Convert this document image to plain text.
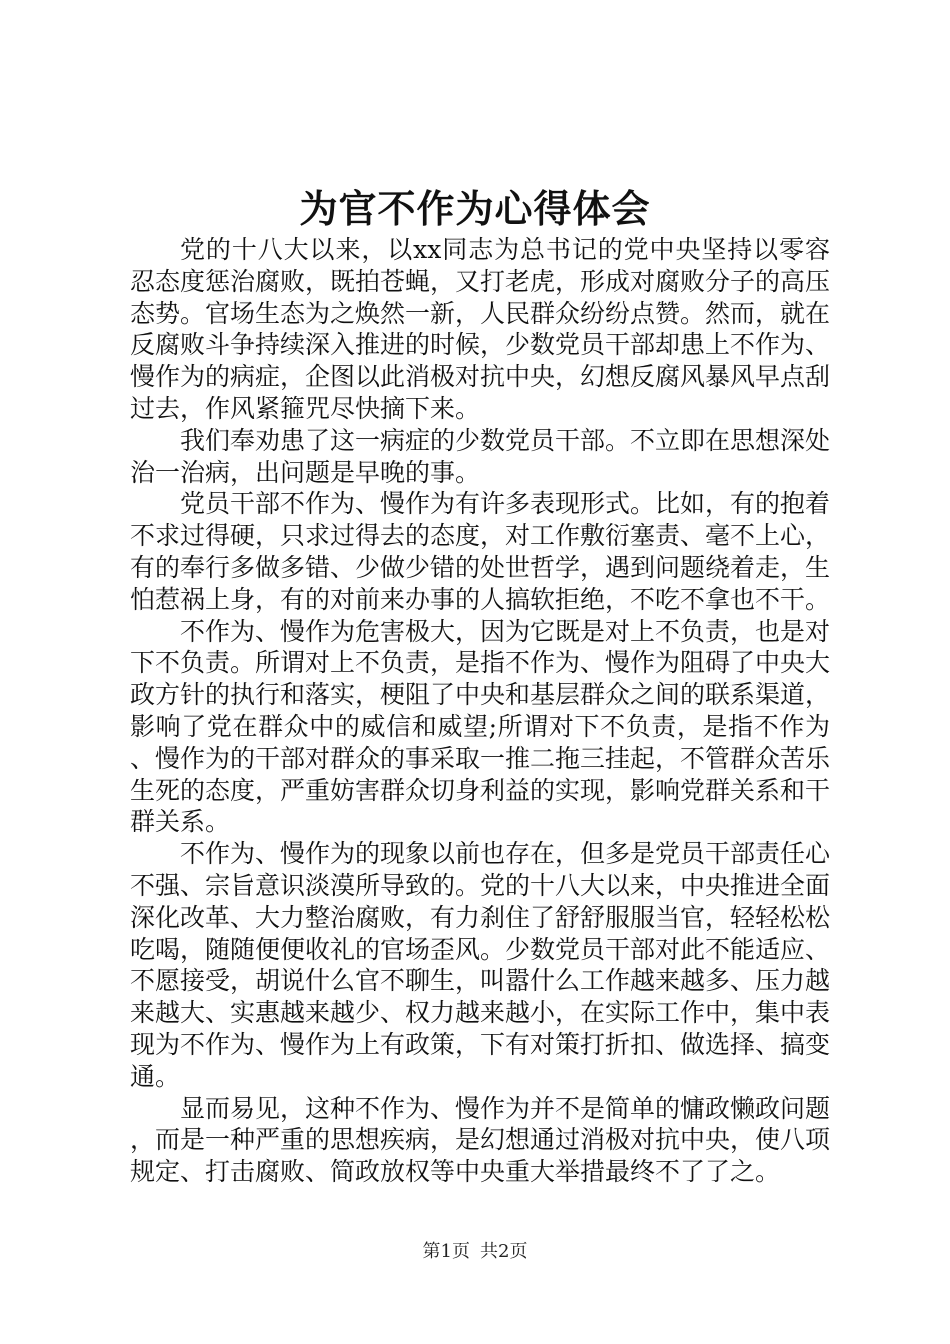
为官不作为心得体会

党的十八大以来，以xx同志为总书记的党中央坚持以零容忍态度惩治腐败，既拍苍蝇，又打老虎，形成对腐败分子的高压态势。官场生态为之焕然一新，人民群众纷纷点赞。然而，就在反腐败斗争持续深入推进的时候，少数党员干部却患上不作为、慢作为的病症，企图以此消极对抗中央，幻想反腐风暴风早点刮过去，作风紧箍咒尽快摘下来。

我们奉劝患了这一病症的少数党员干部。不立即在思想深处治一治病，出问题是早晚的事。

党员干部不作为、慢作为有许多表现形式。比如，有的抱着不求过得硬，只求过得去的态度，对工作敷衍塞责、毫不上心，有的奉行多做多错、少做少错的处世哲学，遇到问题绕着走，生怕惹祸上身，有的对前来办事的人搞软拒绝，不吃不拿也不干。

不作为、慢作为危害极大，因为它既是对上不负责，也是对下不负责。所谓对上不负责，是指不作为、慢作为阻碍了中央大政方针的执行和落实，梗阻了中央和基层群众之间的联系渠道，影响了党在群众中的威信和威望;所谓对下不负责，是指不作为、慢作为的干部对群众的事采取一推二拖三挂起，不管群众苦乐生死的态度，严重妨害群众切身利益的实现，影响党群关系和干群关系。

不作为、慢作为的现象以前也存在，但多是党员干部责任心不强、宗旨意识淡漠所导致的。党的十八大以来，中央推进全面深化改革、大力整治腐败，有力刹住了舒舒服服当官，轻轻松松吃喝，随随便便收礼的官场歪风。少数党员干部对此不能适应、不愿接受，胡说什么官不聊生，叫嚣什么工作越来越多、压力越来越大、实惠越来越少、权力越来越小，在实际工作中，集中表现为不作为、慢作为上有政策，下有对策打折扣、做选择、搞变通。

显而易见，这种不作为、慢作为并不是简单的慵政懒政问题，而是一种严重的思想疾病，是幻想通过消极对抗中央，使八项规定、打击腐败、简政放权等中央重大举措最终不了了之。

第1页 共2页
